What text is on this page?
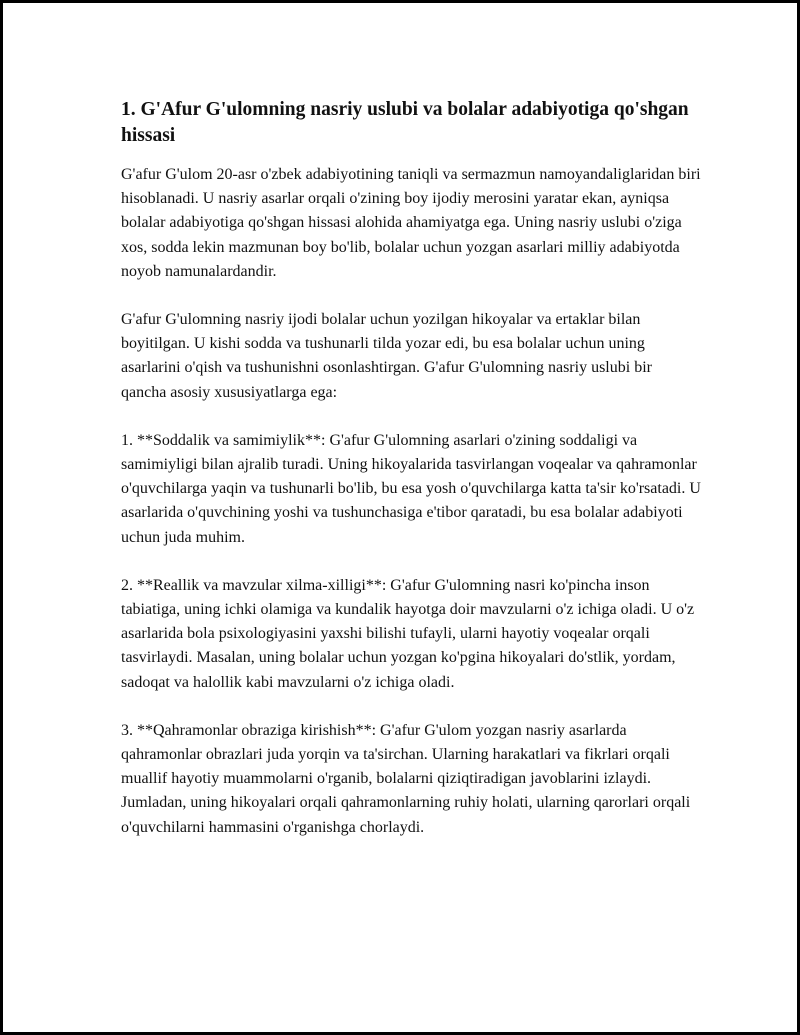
1. G'Afur G'ulomning nasriy uslubi va bolalar adabiyotiga qo'shgan hissasi

G'afur G'ulom 20-asr o'zbek adabiyotining taniqli va sermazmun namoyandaliglaridan biri hisoblanadi. U nasriy asarlar orqali o'zining boy ijodiy merosini yaratar ekan, ayniqsa bolalar adabiyotiga qo'shgan hissasi alohida ahamiyatga ega. Uning nasriy uslubi o'ziga xos, sodda lekin mazmunan boy bo'lib, bolalar uchun yozgan asarlari milliy adabiyotda noyob namunalardandir.

G'afur G'ulomning nasriy ijodi bolalar uchun yozilgan hikoyalar va ertaklar bilan boyitilgan. U kishi sodda va tushunarli tilda yozar edi, bu esa bolalar uchun uning asarlarini o'qish va tushunishni osonlashtirgan. G'afur G'ulomning nasriy uslubi bir qancha asosiy xususiyatlarga ega:

1. **Soddalik va samimiylik**: G'afur G'ulomning asarlari o'zining soddaligi va samimiyligi bilan ajralib turadi. Uning hikoyalarida tasvirlangan voqealar va qahramonlar o'quvchilarga yaqin va tushunarli bo'lib, bu esa yosh o'quvchilarga katta ta'sir ko'rsatadi. U asarlarida o'quvchining yoshi va tushunchasiga e'tibor qaratadi, bu esa bolalar adabiyoti uchun juda muhim.

2. **Reallik va mavzular xilma-xilligi**: G'afur G'ulomning nasri ko'pincha inson tabiatiga, uning ichki olamiga va kundalik hayotga doir mavzularni o'z ichiga oladi. U o'z asarlarida bola psixologiyasini yaxshi bilishi tufayli, ularni hayotiy voqealar orqali tasvirlaydi. Masalan, uning bolalar uchun yozgan ko'pgina hikoyalari do'stlik, yordam, sadoqat va halollik kabi mavzularni o'z ichiga oladi.

3. **Qahramonlar obraziga kirishish**: G'afur G'ulom yozgan nasriy asarlarda qahramonlar obrazlari juda yorqin va ta'sirchan. Ularning harakatlari va fikrlari orqali muallif hayotiy muammolarni o'rganib, bolalarni qiziqtiradigan javoblarini izlaydi. Jumladan, uning hikoyalari orqali qahramonlarning ruhiy holati, ularning qarorlari orqali o'quvchilarni hammasini o'rganishga chorlaydi.
